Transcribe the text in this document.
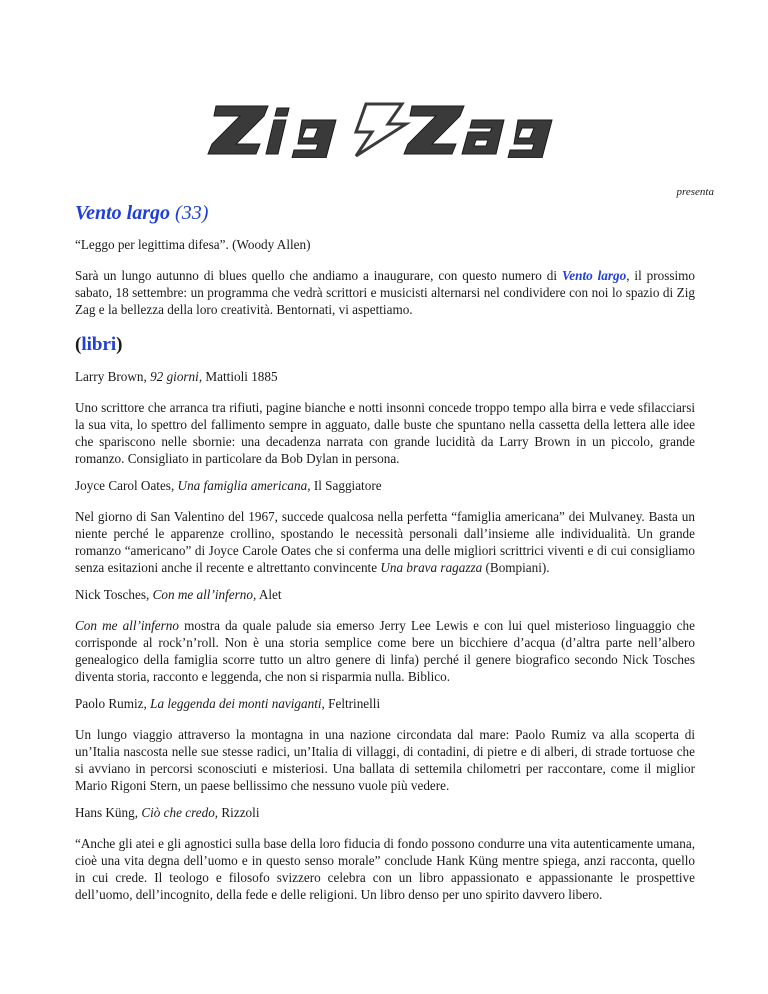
presenta
Vento largo (33)

“Leggo per legittima difesa”. (Woody Allen)

Sarà un lungo autunno di blues quello che andiamo a inaugurare, con questo numero di Vento largo, il prossimo sabato, 18 settembre: un programma che vedrà scrittori e musicisti alternarsi nel condividere con noi lo spazio di Zig Zag e la bellezza della loro creatività. Bentornati, vi aspettiamo.

(libri)

Larry Brown, 92 giorni, Mattioli 1885

Uno scrittore che arranca tra rifiuti, pagine bianche e notti insonni concede troppo tempo alla birra e vede sfilacciarsi la sua vita, lo spettro del fallimento sempre in agguato, dalle buste che spuntano nella cassetta della lettera alle idee che spariscono nelle sbornie: una decadenza narrata con grande lucidità da Larry Brown in un piccolo, grande romanzo. Consigliato in particolare da Bob Dylan in persona.

Joyce Carol Oates, Una famiglia americana, Il Saggiatore

Nel giorno di San Valentino del 1967, succede qualcosa nella perfetta “famiglia americana” dei Mulvaney. Basta un niente perché le apparenze crollino, spostando le necessità personali dall’insieme alle individualità. Un grande romanzo “americano” di Joyce Carole Oates che si conferma una delle migliori scrittrici viventi e di cui consigliamo senza esitazioni anche il recente e altrettanto convincente Una brava ragazza (Bompiani).

Nick Tosches, Con me all’inferno, Alet

Con me all’inferno mostra da quale palude sia emerso Jerry Lee Lewis e con lui quel misterioso linguaggio che corrisponde al rock’n’roll. Non è una storia semplice come bere un bicchiere d’acqua (d’altra parte nell’albero genealogico della famiglia scorre tutto un altro genere di linfa) perché il genere biografico secondo Nick Tosches diventa storia, racconto e leggenda, che non si risparmia nulla. Biblico.

Paolo Rumiz, La leggenda dei monti naviganti, Feltrinelli

Un lungo viaggio attraverso la montagna in una nazione circondata dal mare: Paolo Rumiz va alla scoperta di un’Italia nascosta nelle sue stesse radici, un’Italia di villaggi, di contadini, di pietre e di alberi, di strade tortuose che si avviano in percorsi sconosciuti e misteriosi. Una ballata di settemila chilometri per raccontare, come il miglior Mario Rigoni Stern, un paese bellissimo che nessuno vuole più vedere.

Hans Küng, Ciò che credo, Rizzoli

“Anche gli atei e gli agnostici sulla base della loro fiducia di fondo possono condurre una vita autenticamente umana, cioè una vita degna dell’uomo e in questo senso morale” conclude Hank Küng mentre spiega, anzi racconta, quello in cui crede. Il teologo e filosofo svizzero celebra con un libro appassionato e appassionante le prospettive dell’uomo, dell’incognito, della fede e delle religioni. Un libro denso per uno spirito davvero libero.
